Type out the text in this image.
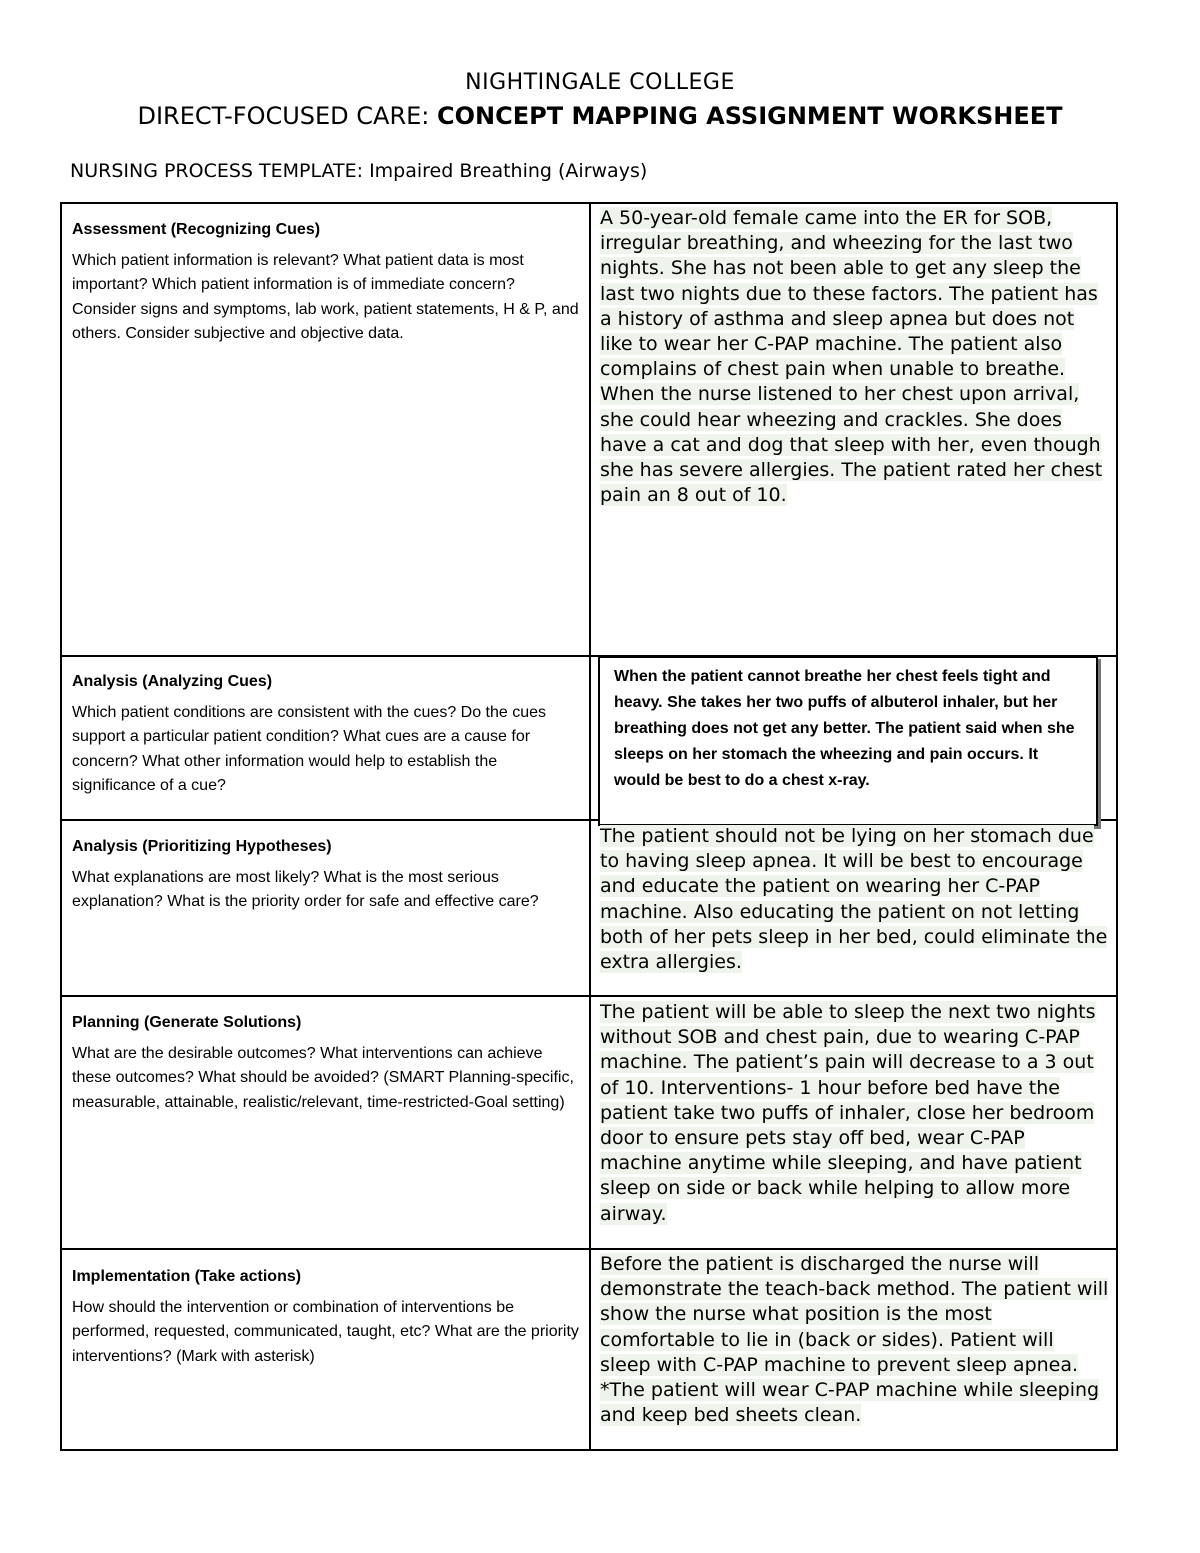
NIGHTINGALE COLLEGE
DIRECT-FOCUSED CARE: CONCEPT MAPPING ASSIGNMENT WORKSHEET
NURSING PROCESS TEMPLATE: Impaired Breathing (Airways)
Assessment (Recognizing Cues)
Which patient information is relevant? What patient data is most important? Which patient information is of immediate concern? Consider signs and symptoms, lab work, patient statements, H & P, and others. Consider subjective and objective data.
A 50-year-old female came into the ER for SOB, irregular breathing, and wheezing for the last two nights. She has not been able to get any sleep the last two nights due to these factors. The patient has a history of asthma and sleep apnea but does not like to wear her C-PAP machine. The patient also complains of chest pain when unable to breathe. When the nurse listened to her chest upon arrival, she could hear wheezing and crackles. She does have a cat and dog that sleep with her, even though she has severe allergies. The patient rated her chest pain an 8 out of 10.
Analysis (Analyzing Cues)
Which patient conditions are consistent with the cues? Do the cues support a particular patient condition? What cues are a cause for concern? What other information would help to establish the significance of a cue?
When the patient cannot breathe her chest feels tight and heavy. She takes her two puffs of albuterol inhaler, but her breathing does not get any better. The patient said when she sleeps on her stomach the wheezing and pain occurs. It would be best to do a chest x-ray.
Analysis (Prioritizing Hypotheses)
What explanations are most likely? What is the most serious explanation? What is the priority order for safe and effective care?
The patient should not be lying on her stomach due to having sleep apnea. It will be best to encourage and educate the patient on wearing her C-PAP machine. Also educating the patient on not letting both of her pets sleep in her bed, could eliminate the extra allergies.
Planning (Generate Solutions)
What are the desirable outcomes? What interventions can achieve these outcomes? What should be avoided? (SMART Planning-specific, measurable, attainable, realistic/relevant, time-restricted-Goal setting)
The patient will be able to sleep the next two nights without SOB and chest pain, due to wearing C-PAP machine. The patient’s pain will decrease to a 3 out of 10. Interventions- 1 hour before bed have the patient take two puffs of inhaler, close her bedroom door to ensure pets stay off bed, wear C-PAP machine anytime while sleeping, and have patient sleep on side or back while helping to allow more airway.
Implementation (Take actions)
How should the intervention or combination of interventions be performed, requested, communicated, taught, etc? What are the priority interventions? (Mark with asterisk)
Before the patient is discharged the nurse will demonstrate the teach-back method. The patient will show the nurse what position is the most comfortable to lie in (back or sides). Patient will sleep with C-PAP machine to prevent sleep apnea. *The patient will wear C-PAP machine while sleeping and keep bed sheets clean.
